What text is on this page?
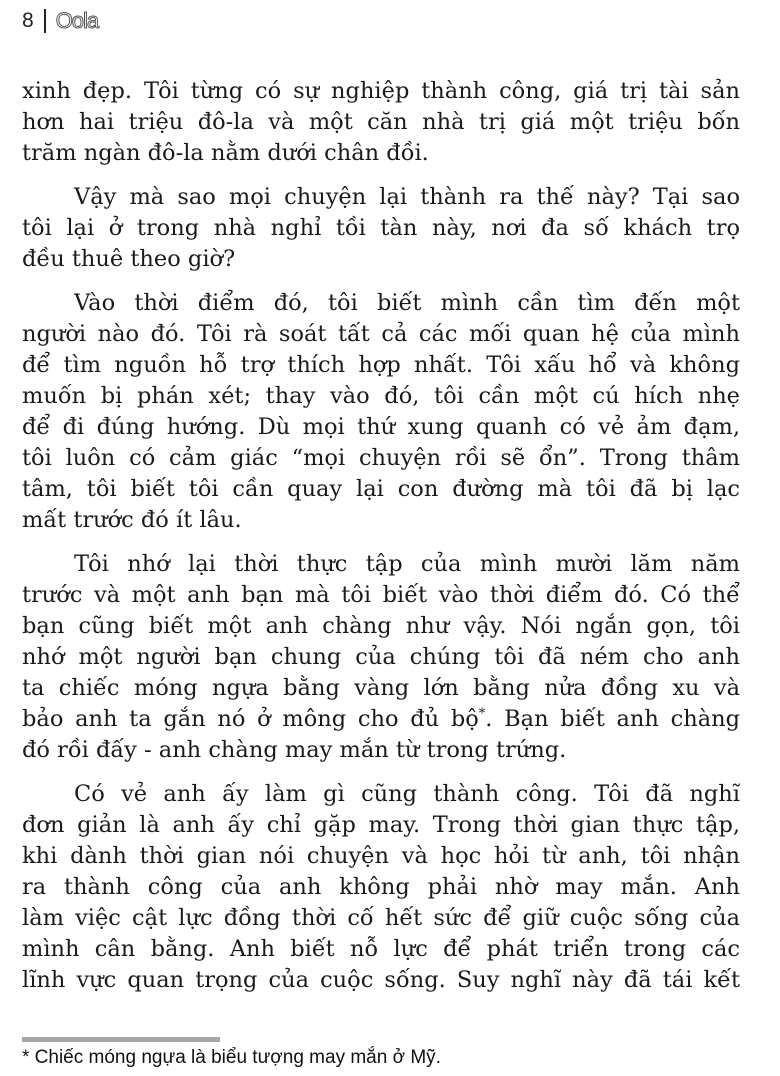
8 Oola
xinh đẹp. Tôi từng có sự nghiệp thành công, giá trị tài sản
hơn hai triệu đô-la và một căn nhà trị giá một triệu bốn
trăm ngàn đô-la nằm dưới chân đồi.
Vậy mà sao mọi chuyện lại thành ra thế này? Tại sao
tôi lại ở trong nhà nghỉ tồi tàn này, nơi đa số khách trọ
đều thuê theo giờ?
Vào thời điểm đó, tôi biết mình cần tìm đến một
người nào đó. Tôi rà soát tất cả các mối quan hệ của mình
để tìm nguồn hỗ trợ thích hợp nhất. Tôi xấu hổ và không
muốn bị phán xét; thay vào đó, tôi cần một cú hích nhẹ
để đi đúng hướng. Dù mọi thứ xung quanh có vẻ ảm đạm,
tôi luôn có cảm giác “mọi chuyện rồi sẽ ổn”. Trong thâm
tâm, tôi biết tôi cần quay lại con đường mà tôi đã bị lạc
mất trước đó ít lâu.
Tôi nhớ lại thời thực tập của mình mười lăm năm
trước và một anh bạn mà tôi biết vào thời điểm đó. Có thể
bạn cũng biết một anh chàng như vậy. Nói ngắn gọn, tôi
nhớ một người bạn chung của chúng tôi đã ném cho anh
ta chiếc móng ngựa bằng vàng lớn bằng nửa đồng xu và
bảo anh ta gắn nó ở mông cho đủ bộ*. Bạn biết anh chàng
đó rồi đấy - anh chàng may mắn từ trong trứng.
Có vẻ anh ấy làm gì cũng thành công. Tôi đã nghĩ
đơn giản là anh ấy chỉ gặp may. Trong thời gian thực tập,
khi dành thời gian nói chuyện và học hỏi từ anh, tôi nhận
ra thành công của anh không phải nhờ may mắn. Anh
làm việc cật lực đồng thời cố hết sức để giữ cuộc sống của
mình cân bằng. Anh biết nỗ lực để phát triển trong các
lĩnh vực quan trọng của cuộc sống. Suy nghĩ này đã tái kết
* Chiếc móng ngựa là biểu tượng may mắn ở Mỹ.
